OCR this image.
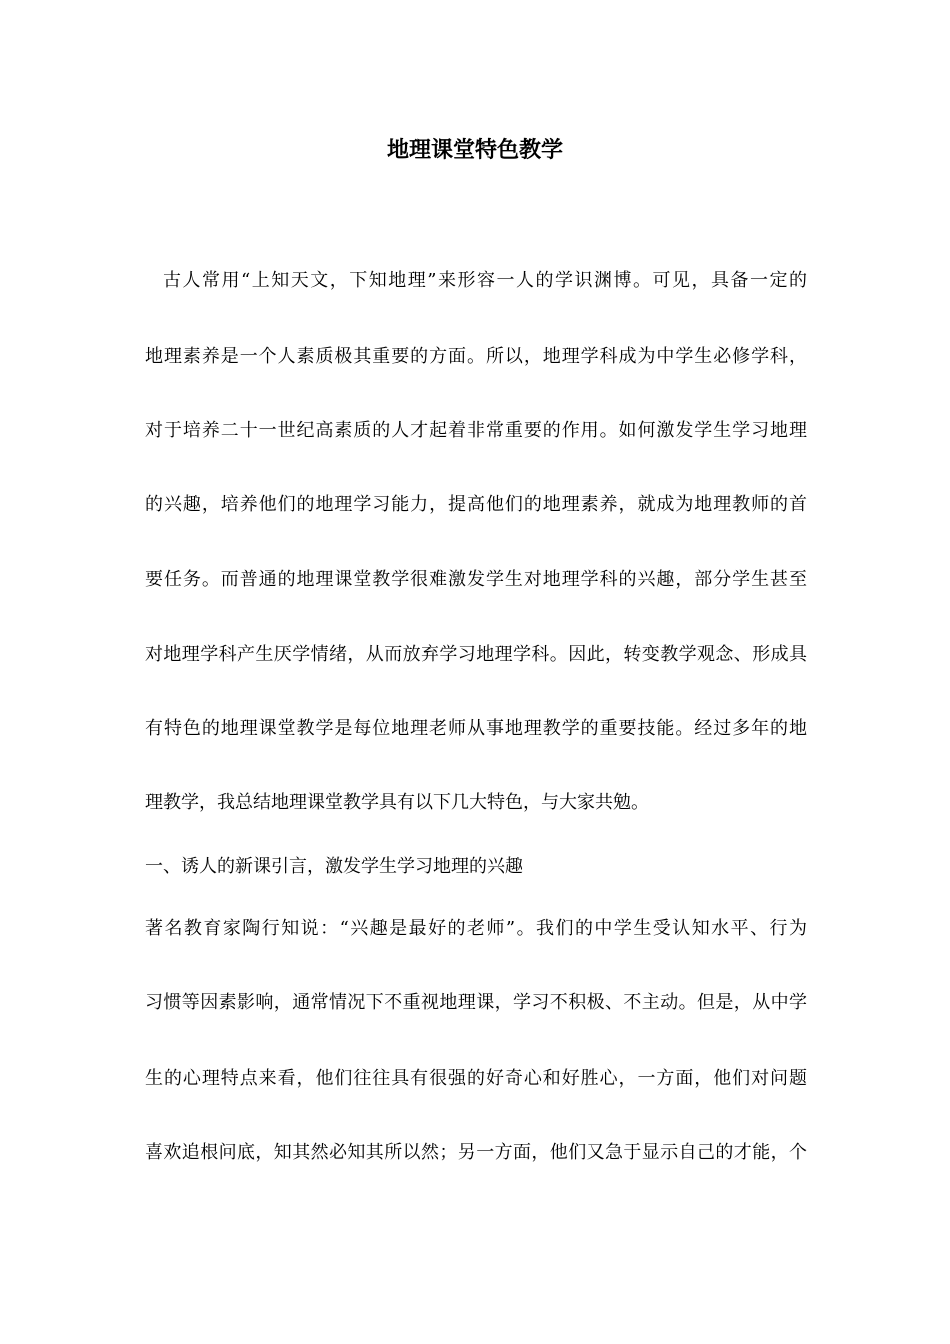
地理课堂特色教学
古人常用“上知天文，下知地理”来形容一人的学识渊博。可见，具备一定的
地理素养是一个人素质极其重要的方面。所以，地理学科成为中学生必修学科，
对于培养二十一世纪高素质的人才起着非常重要的作用。如何激发学生学习地理
的兴趣，培养他们的地理学习能力，提高他们的地理素养，就成为地理教师的首
要任务。而普通的地理课堂教学很难激发学生对地理学科的兴趣，部分学生甚至
对地理学科产生厌学情绪，从而放弃学习地理学科。因此，转变教学观念、形成具
有特色的地理课堂教学是每位地理老师从事地理教学的重要技能。经过多年的地
理教学，我总结地理课堂教学具有以下几大特色，与大家共勉。
一、诱人的新课引言，激发学生学习地理的兴趣
著名教育家陶行知说：“兴趣是最好的老师”。我们的中学生受认知水平、行为
习惯等因素影响，通常情况下不重视地理课，学习不积极、不主动。但是，从中学
生的心理特点来看，他们往往具有很强的好奇心和好胜心，一方面，他们对问题
喜欢追根问底，知其然必知其所以然；另一方面，他们又急于显示自己的才能，个
